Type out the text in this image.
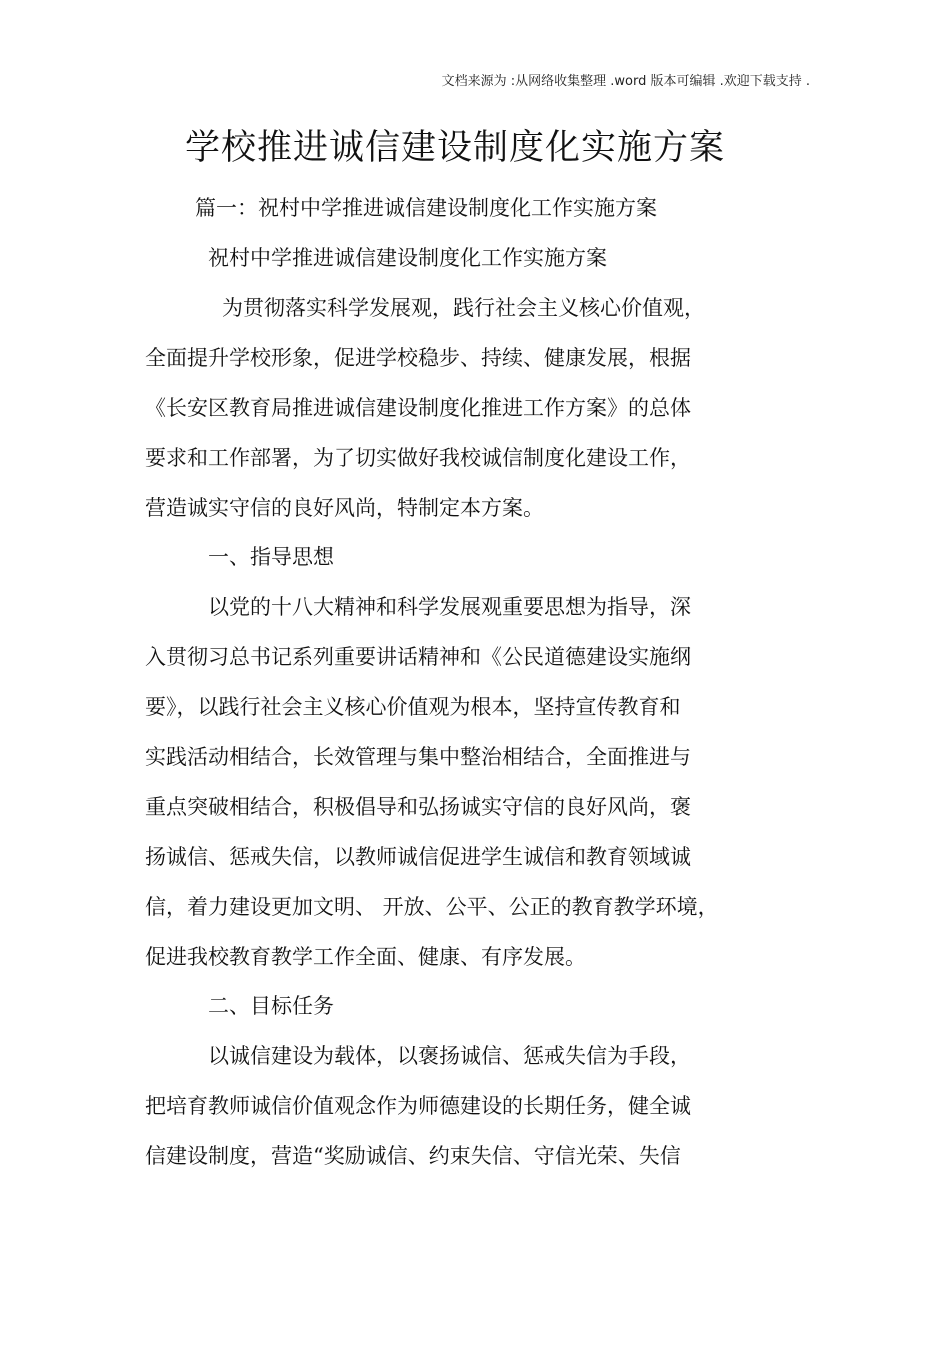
文档来源为 :从网络收集整理 .word 版本可编辑 .欢迎下载支持 .
学校推进诚信建设制度化实施方案
篇一：祝村中学推进诚信建设制度化工作实施方案
祝村中学推进诚信建设制度化工作实施方案
为贯彻落实科学发展观，践行社会主义核心价值观，
全面提升学校形象，促进学校稳步、持续、健康发展，根据
《长安区教育局推进诚信建设制度化推进工作方案》的总体
要求和工作部署，为了切实做好我校诚信制度化建设工作，
营造诚实守信的良好风尚，特制定本方案。
一、指导思想
以党的十八大精神和科学发展观重要思想为指导，深
入贯彻习总书记系列重要讲话精神和《公民道德建设实施纲
要》，以践行社会主义核心价值观为根本，坚持宣传教育和
实践活动相结合，长效管理与集中整治相结合，全面推进与
重点突破相结合，积极倡导和弘扬诚实守信的良好风尚，褒
扬诚信、惩戒失信，以教师诚信促进学生诚信和教育领域诚
信，着力建设更加文明、 开放、公平、公正的教育教学环境，
促进我校教育教学工作全面、健康、有序发展。
二、目标任务
以诚信建设为载体，以褒扬诚信、惩戒失信为手段，
把培育教师诚信价值观念作为师德建设的长期任务，健全诚
信建设制度，营造“奖励诚信、约束失信、守信光荣、失信
